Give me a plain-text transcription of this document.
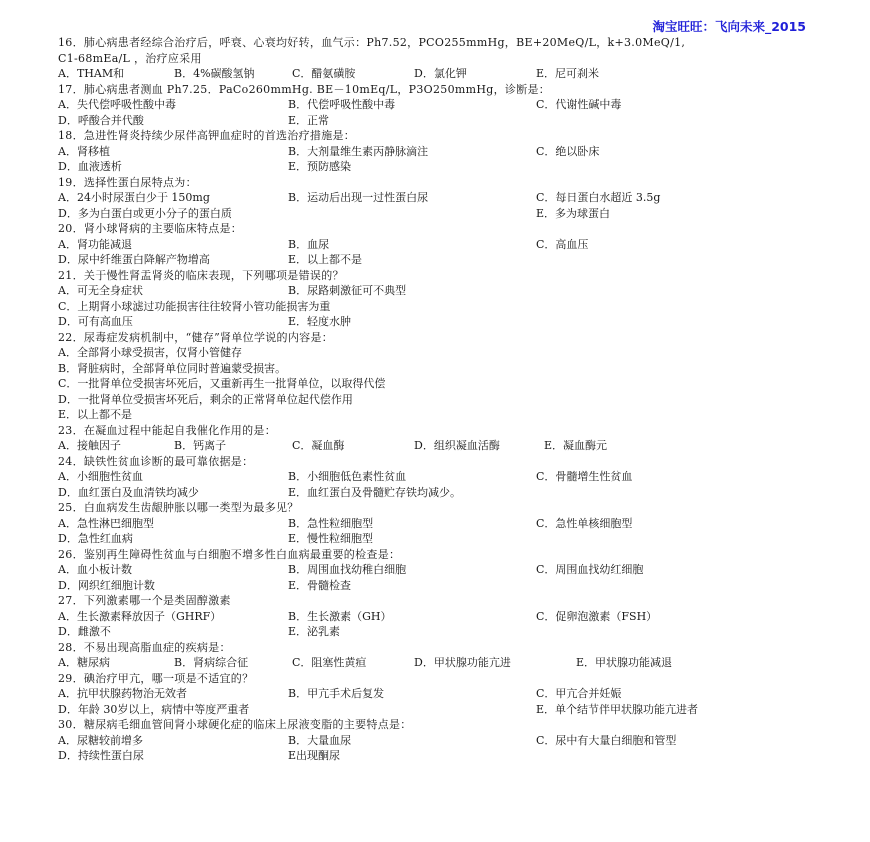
淘宝旺旺：飞向未来_2015
16．肺心病患者经综合治疗后，呼衰、心衰均好转，血气示：Ph7.52，PCO255mmHg，BE+20MeQ/L，k+3.0MeQ/1,
C1-68mEa/L ，治疗应采用
A．THAM和	B．4%碳酸氢钠	C．醋氨磺胺	D．氯化钾	E．尼可刹米
17．肺心病患者测血 Ph7.25．PaCo260mmHg. BE－10mEq/L，P3O250mmHg，诊断是：
A．失代偿呼吸性酸中毒	B．代偿呼吸性酸中毒	C．代谢性碱中毒
D．呼酸合并代酸	E．正常
18．急进性肾炎持续少尿伴高钾血症时的首选治疗措施是：
A．肾移植	B．大剂量维生素丙静脉滴注	C．绝以卧床
D．血液透析	E．预防感染
19．选择性蛋白尿特点为：
A．24小时尿蛋白少于 150mg	B．运动后出现一过性蛋白尿	C．每日蛋白水超近 3.5g
D．多为白蛋白或更小分子的蛋白质	E．多为球蛋白
20．肾小球肾病的主要临床特点是：
A．肾功能减退	B．血尿	C．高血压
D．尿中纤维蛋白降解产物增高	E．以上都不是
21．关于慢性肾盂肾炎的临床表现，下列哪项是错误的？
A．可无全身症状	B．尿路刺激征可不典型
C．上期肾小球滤过功能损害往往较肾小管功能损害为重
D．可有高血压	E．轻度水肿
22．尿毒症发病机制中，“健存”肾单位学说的内容是：
A．全部肾小球受损害，仅肾小管健存
B．肾脏病时，全部肾单位同时普遍蒙受损害。
C．一批肾单位受损害坏死后，又重新再生一批肾单位，以取得代偿
D．一批肾单位受损害坏死后，剩余的正常肾单位起代偿作用
E．以上都不是
23．在凝血过程中能起自我催化作用的是：
A．接触因子	B．钙离子	C．凝血酶	D．组织凝血活酶	E．凝血酶元
24．缺铁性贫血诊断的最可靠依据是：
A．小细胞性贫血	B．小细胞低色素性贫血	C．骨髓增生性贫血
D．血红蛋白及血清铁均减少	E．血红蛋白及骨髓贮存铁均减少。
25．白血病发生齿龈肿胀以哪一类型为最多见？
A．急性淋巴细胞型	B．急性粒细胞型	C．急性单核细胞型
D．急性红血病	E．慢性粒细胞型
26．鉴别再生障碍性贫血与白细胞不增多性白血病最重要的检查是：
A．血小板计数	B．周围血找幼稚白细胞	C．周围血找幼红细胞
D．网织红细胞计数	E．骨髓检查
27．下列激素哪一个是类固醇激素
A．生长激素释放因子（GHRF）	B．生长激素（GH）	C．促卵泡激素（FSH）
D．雌激不	E．泌乳素
28．不易出现高脂血症的疾病是：
A．糖尿病	B．肾病综合征	C．阻塞性黄疸	D．甲状腺功能亢进	E．甲状腺功能减退
29．碘治疗甲亢，哪一项是不适宜的？
A．抗甲状腺药物治无效者	B．甲亢手术后复发	C．甲亢合并妊娠
D．年龄 30岁以上，病情中等度严重者	E．单个结节伴甲状腺功能亢进者
30．糖尿病毛细血管间肾小球硬化症的临床上尿液变脂的主要特点是：
A．尿糖较前增多	B．大量血尿	C．尿中有大量白细胞和管型
D．持续性蛋白尿	E出现酮尿
